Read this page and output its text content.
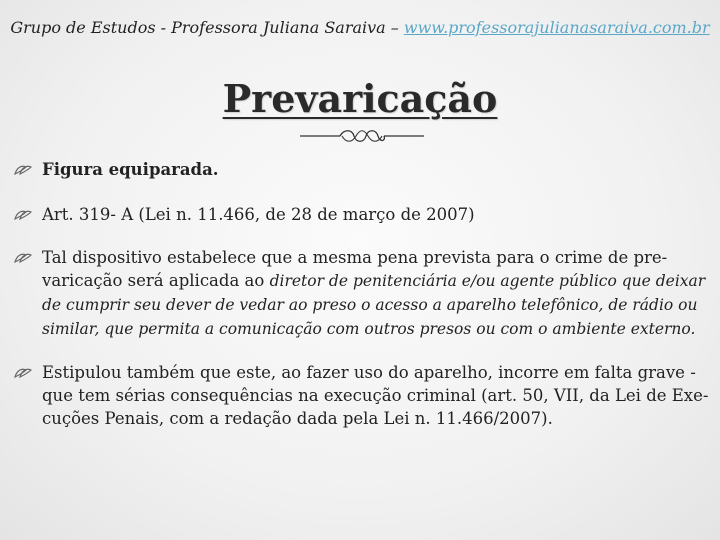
Grupo de Estudos - Professora Juliana Saraiva – www.professorajulianasaraiva.com.br
Prevaricação
Figura equiparada.
Art. 319- A (Lei n. 11.466, de 28 de março de 2007)
Tal dispositivo estabelece que a mesma pena prevista para o crime de pre-varicação será aplicada ao diretor de penitenciária e/ou agente público que deixar de cumprir seu dever de vedar ao preso o acesso a aparelho telefônico, de rádio ou similar, que permita a comunicação com outros presos ou com o ambiente externo.
Estipulou também que este, ao fazer uso do aparelho, incorre em falta grave - que tem sérias consequências na execução criminal (art. 50, VII, da Lei de Exe-cuções Penais, com a redação dada pela Lei n. 11.466/2007).
